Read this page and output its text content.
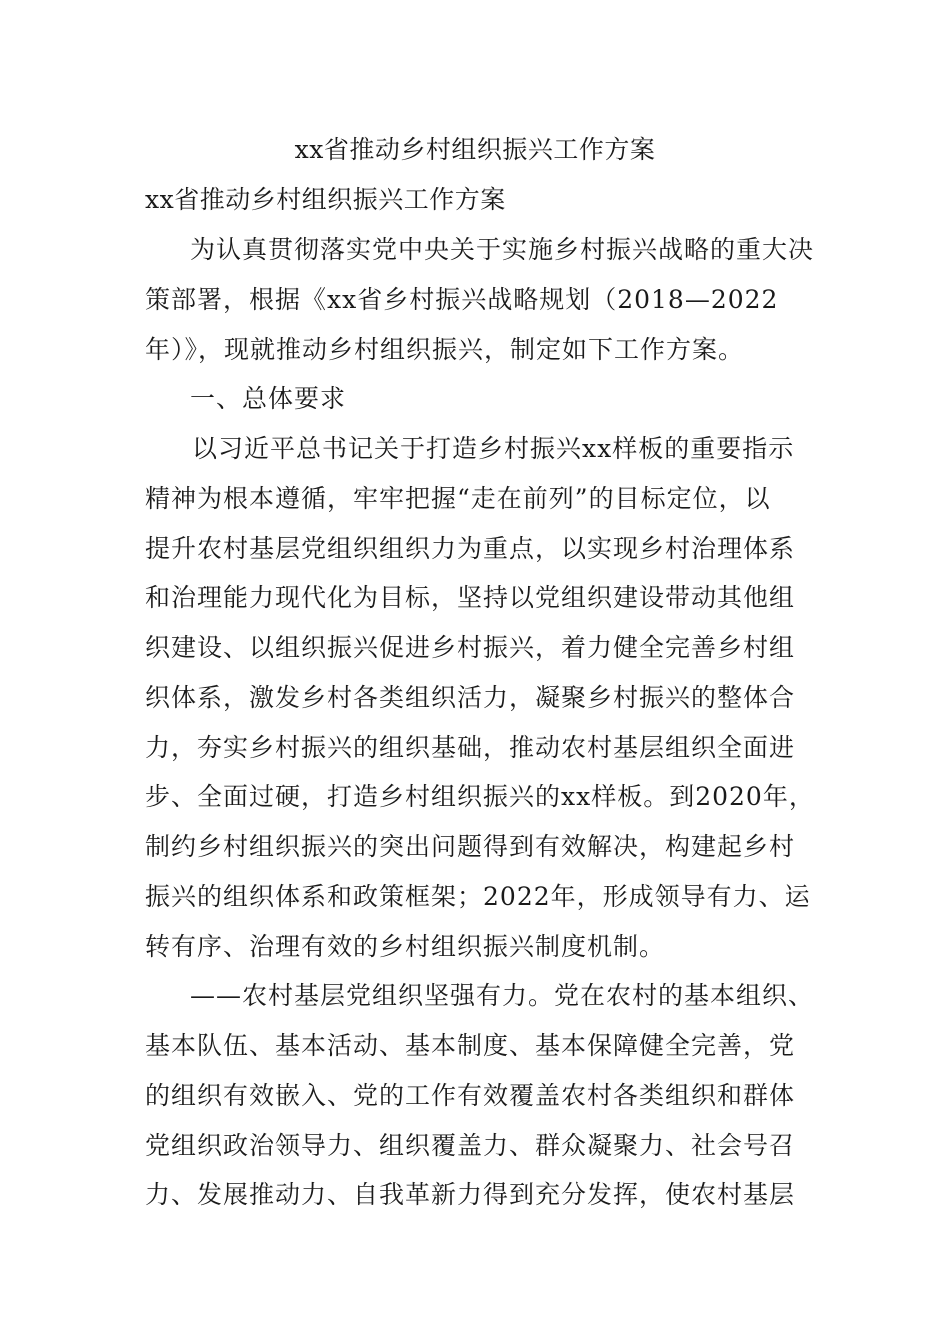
xx省推动乡村组织振兴工作方案
xx省推动乡村组织振兴工作方案
为认真贯彻落实党中央关于实施乡村振兴战略的重大决
策部署，根据《xx省乡村振兴战略规划（2018—2022
年）》，现就推动乡村组织振兴，制定如下工作方案。
一、总体要求
以习近平总书记关于打造乡村振兴xx样板的重要指示
精神为根本遵循，牢牢把握“走在前列”的目标定位，以
提升农村基层党组织组织力为重点，以实现乡村治理体系
和治理能力现代化为目标，坚持以党组织建设带动其他组
织建设、以组织振兴促进乡村振兴，着力健全完善乡村组
织体系，激发乡村各类组织活力，凝聚乡村振兴的整体合
力，夯实乡村振兴的组织基础，推动农村基层组织全面进
步、全面过硬，打造乡村组织振兴的xx样板。到2020年，
制约乡村组织振兴的突出问题得到有效解决，构建起乡村
振兴的组织体系和政策框架；2022年，形成领导有力、运
转有序、治理有效的乡村组织振兴制度机制。
——农村基层党组织坚强有力。党在农村的基本组织、
基本队伍、基本活动、基本制度、基本保障健全完善，党
的组织有效嵌入、党的工作有效覆盖农村各类组织和群体
党组织政治领导力、组织覆盖力、群众凝聚力、社会号召
力、发展推动力、自我革新力得到充分发挥，使农村基层
